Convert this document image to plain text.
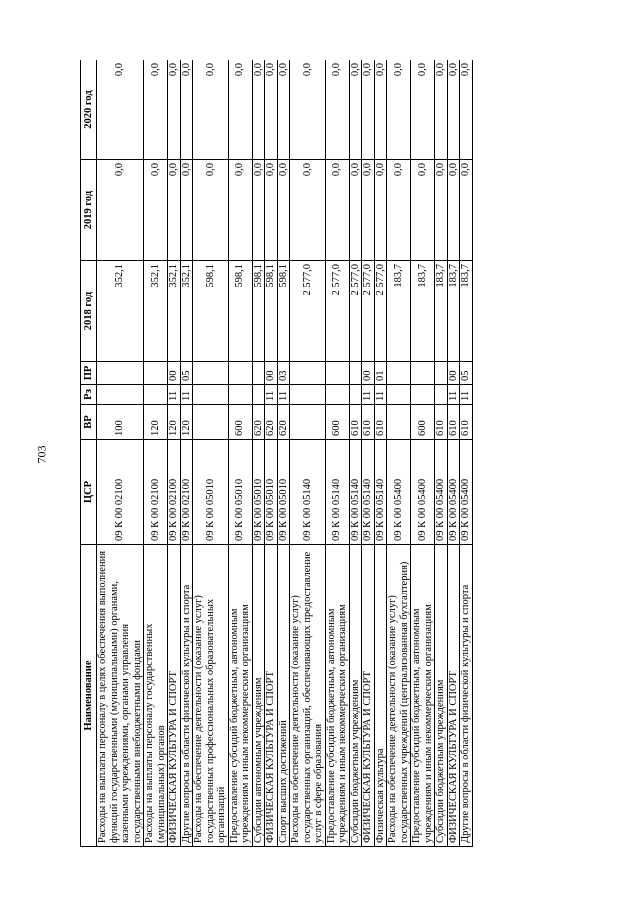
703
Наименование	ЦСР	ВР	Рз	ПР	2018 год	2019 год	2020 год
Расходы на выплаты персоналу в целях обеспечения выполнения функций государственными (муниципальными) органами, казенными учреждениями, органами управления государственными внебюджетными фондами	09 К 00 02100	100			352,1	0,0	0,0
Расходы на выплаты персоналу государственных (муниципальных) органов	09 К 00 02100	120			352,1	0,0	0,0
ФИЗИЧЕСКАЯ КУЛЬТУРА И СПОРТ	09 К 00 02100	120	11	00	352,1	0,0	0,0
Другие вопросы в области физической культуры и спорта	09 К 00 02100	120	11	05	352,1	0,0	0,0
Расходы на обеспечение деятельности (оказание услуг) государственных профессиональных образовательных организаций	09 К 00 05010				598,1	0,0	0,0
Предоставление субсидий бюджетным, автономным учреждениям и иным некоммерческим организациям	09 К 00 05010	600			598,1	0,0	0,0
Субсидии автономным учреждениям	09 К 00 05010	620			598,1	0,0	0,0
ФИЗИЧЕСКАЯ КУЛЬТУРА И СПОРТ	09 К 00 05010	620	11	00	598,1	0,0	0,0
Спорт высших достижений	09 К 00 05010	620	11	03	598,1	0,0	0,0
Расходы на обеспечение деятельности (оказание услуг) государственных организаций, обеспечивающих предоставление услуг в сфере образования	09 К 00 05140				2 577,0	0,0	0,0
Предоставление субсидий бюджетным, автономным учреждениям и иным некоммерческим организациям	09 К 00 05140	600			2 577,0	0,0	0,0
Субсидии бюджетным учреждениям	09 К 00 05140	610			2 577,0	0,0	0,0
ФИЗИЧЕСКАЯ КУЛЬТУРА И СПОРТ	09 К 00 05140	610	11	00	2 577,0	0,0	0,0
Физическая культура	09 К 00 05140	610	11	01	2 577,0	0,0	0,0
Расходы на обеспечение деятельности (оказание услуг) государственных учреждений (централизованная бухгалтерия)	09 К 00 05400				183,7	0,0	0,0
Предоставление субсидий бюджетным, автономным учреждениям и иным некоммерческим организациям	09 К 00 05400	600			183,7	0,0	0,0
Субсидии бюджетным учреждениям	09 К 00 05400	610			183,7	0,0	0,0
ФИЗИЧЕСКАЯ КУЛЬТУРА И СПОРТ	09 К 00 05400	610	11	00	183,7	0,0	0,0
Другие вопросы в области физической культуры и спорта	09 К 00 05400	610	11	05	183,7	0,0	0,0
